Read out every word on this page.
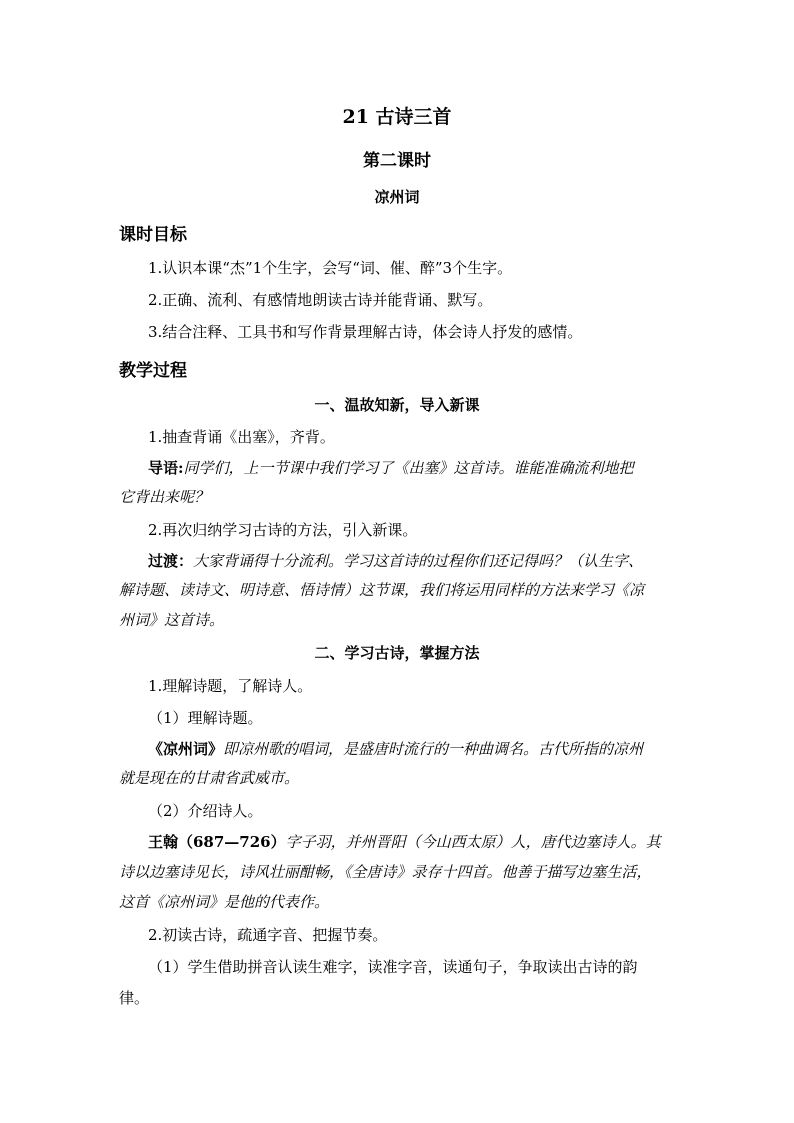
21 古诗三首
第二课时
凉州词
课时目标
1.认识本课“杰”1个生字，会写“词、催、醉”3个生字。
2.正确、流利、有感情地朗读古诗并能背诵、默写。
3.结合注释、工具书和写作背景理解古诗，体会诗人抒发的感情。
教学过程
一、温故知新，导入新课
1.抽查背诵《出塞》，齐背。
导语:同学们，上一节课中我们学习了《出塞》这首诗。谁能准确流利地把
它背出来呢？
2.再次归纳学习古诗的方法，引入新课。
过渡：大家背诵得十分流利。学习这首诗的过程你们还记得吗？（认生字、
解诗题、读诗文、明诗意、悟诗情）这节课，我们将运用同样的方法来学习《凉
州词》这首诗。
二、学习古诗，掌握方法
1.理解诗题，了解诗人。
（1）理解诗题。
《凉州词》即凉州歌的唱词，是盛唐时流行的一种曲调名。古代所指的凉州
就是现在的甘肃省武威市。
（2）介绍诗人。
王翰（687—726）字子羽，并州晋阳（今山西太原）人，唐代边塞诗人。其
诗以边塞诗见长，诗风壮丽酣畅，《全唐诗》录存十四首。他善于描写边塞生活，
这首《凉州词》是他的代表作。
2.初读古诗，疏通字音、把握节奏。
（1）学生借助拼音认读生难字，读准字音，读通句子，争取读出古诗的韵
律。
